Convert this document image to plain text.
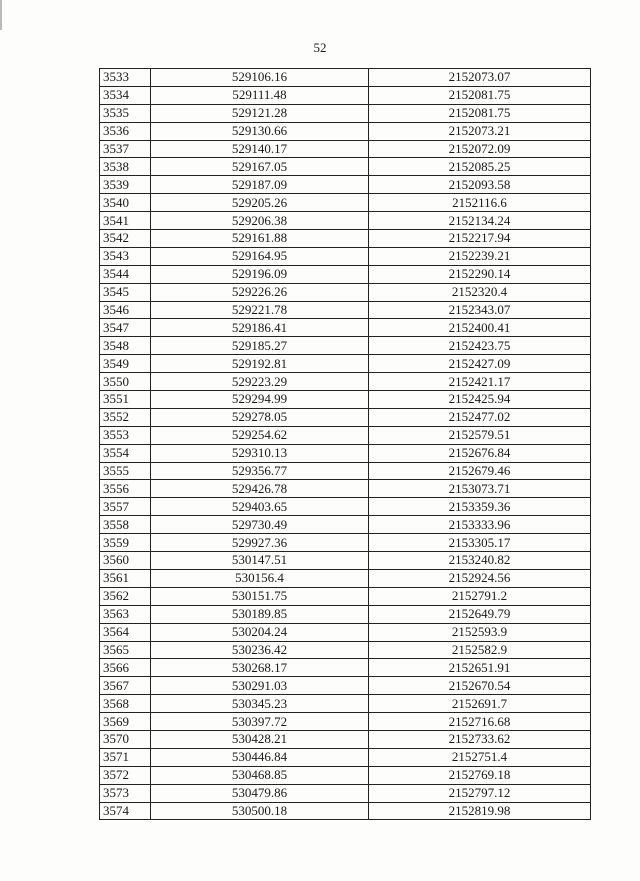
52
3533	529106.16	2152073.07
3534	529111.48	2152081.75
3535	529121.28	2152081.75
3536	529130.66	2152073.21
3537	529140.17	2152072.09
3538	529167.05	2152085.25
3539	529187.09	2152093.58
3540	529205.26	2152116.6
3541	529206.38	2152134.24
3542	529161.88	2152217.94
3543	529164.95	2152239.21
3544	529196.09	2152290.14
3545	529226.26	2152320.4
3546	529221.78	2152343.07
3547	529186.41	2152400.41
3548	529185.27	2152423.75
3549	529192.81	2152427.09
3550	529223.29	2152421.17
3551	529294.99	2152425.94
3552	529278.05	2152477.02
3553	529254.62	2152579.51
3554	529310.13	2152676.84
3555	529356.77	2152679.46
3556	529426.78	2153073.71
3557	529403.65	2153359.36
3558	529730.49	2153333.96
3559	529927.36	2153305.17
3560	530147.51	2153240.82
3561	530156.4	2152924.56
3562	530151.75	2152791.2
3563	530189.85	2152649.79
3564	530204.24	2152593.9
3565	530236.42	2152582.9
3566	530268.17	2152651.91
3567	530291.03	2152670.54
3568	530345.23	2152691.7
3569	530397.72	2152716.68
3570	530428.21	2152733.62
3571	530446.84	2152751.4
3572	530468.85	2152769.18
3573	530479.86	2152797.12
3574	530500.18	2152819.98
